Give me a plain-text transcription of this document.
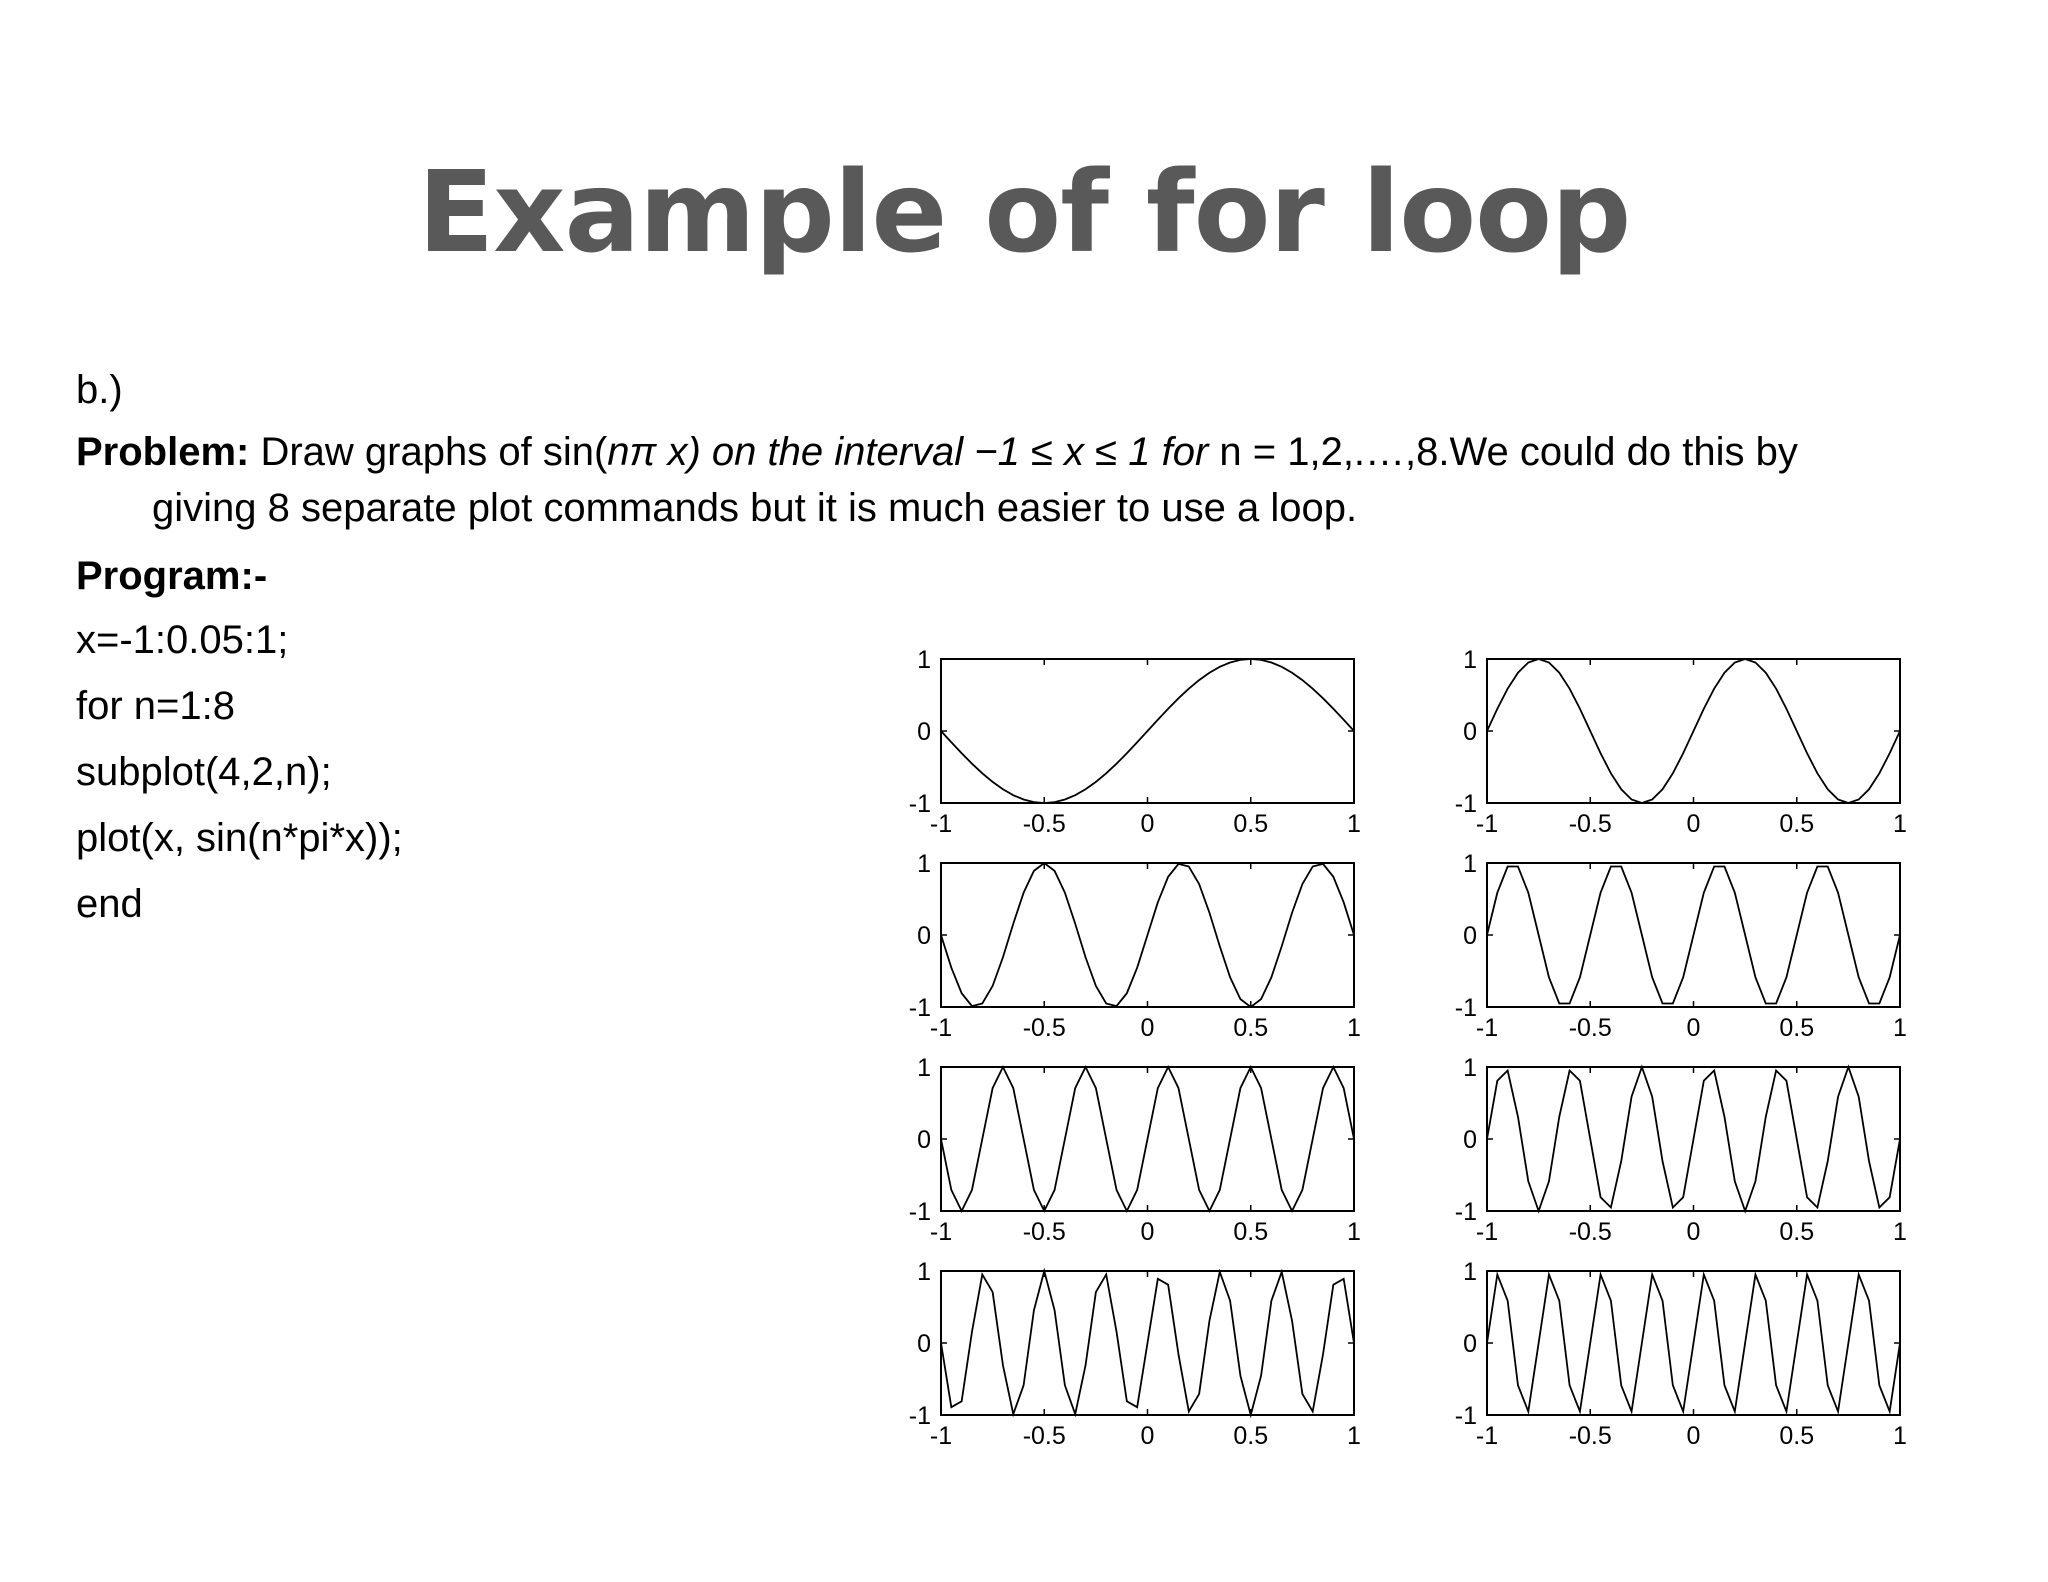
Example of for loop
b.)
Problem: Draw graphs of sin(nπ x) on the interval −1 ≤ x ≤ 1 for n = 1,2,.…,8.We could do this by
giving 8 separate plot commands but it is much easier to use a loop.
Program:-
x=-1:0.05:1;
for n=1:8
subplot(4,2,n);
plot(x, sin(n*pi*x));
end
-1	-0.5	0	0.5	1
1
0
-1
-1	-0.5	0	0.5	1
1
0
-1
-1	-0.5	0	0.5	1
1
0
-1
-1	-0.5	0	0.5	1
1
0
-1
-1	-0.5	0	0.5	1
1
0
-1
-1	-0.5	0	0.5	1
1
0
-1
-1	-0.5	0	0.5	1
1
0
-1
-1	-0.5	0	0.5	1
1
0
-1
